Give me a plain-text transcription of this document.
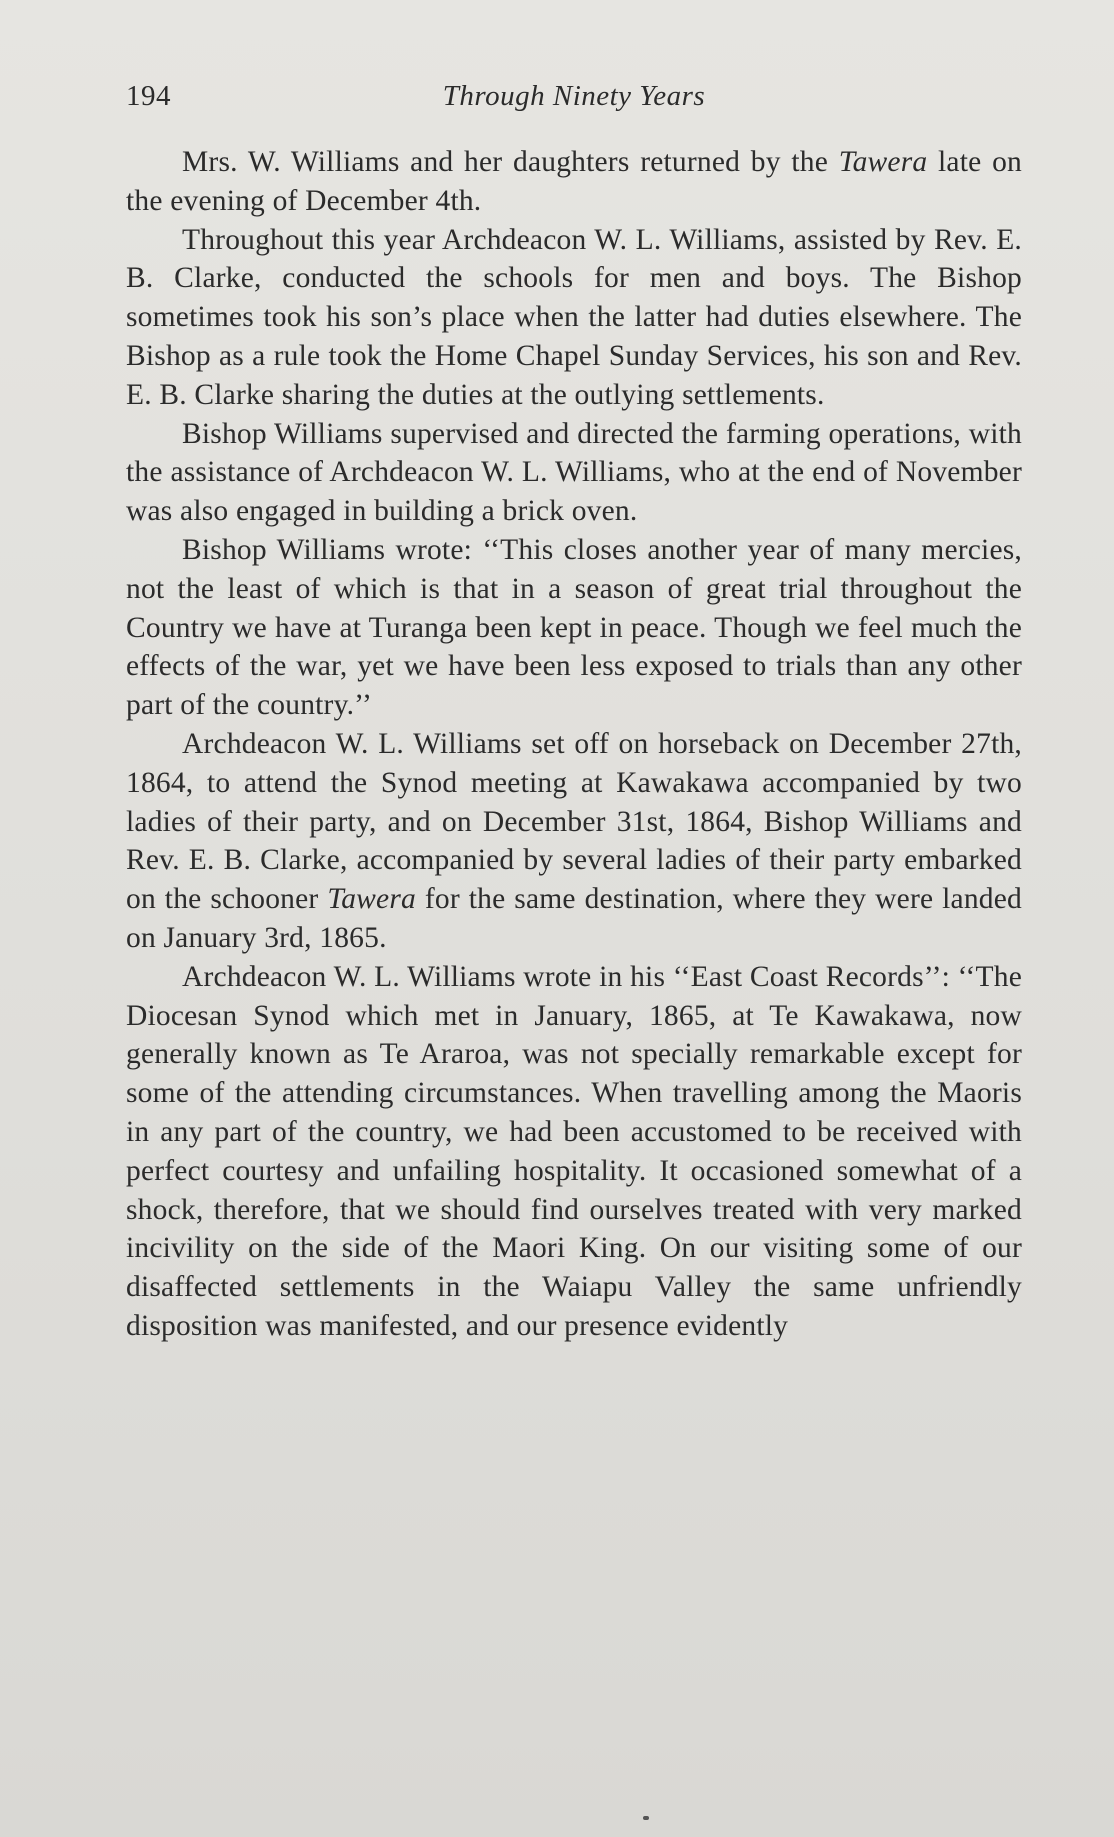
194	Through Ninety Years

Mrs. W. Williams and her daughters returned by the Tawera late on the evening of December 4th.

Throughout this year Archdeacon W. L. Williams, assisted by Rev. E. B. Clarke, conducted the schools for men and boys. The Bishop sometimes took his son’s place when the latter had duties elsewhere. The Bishop as a rule took the Home Chapel Sunday Services, his son and Rev. E. B. Clarke sharing the duties at the outlying settlements.

Bishop Williams supervised and directed the farming operations, with the assistance of Archdeacon W. L. Williams, who at the end of November was also engaged in building a brick oven.

Bishop Williams wrote: ‘‘This closes another year of many mercies, not the least of which is that in a season of great trial throughout the Country we have at Turanga been kept in peace. Though we feel much the effects of the war, yet we have been less exposed to trials than any other part of the country.’’

Archdeacon W. L. Williams set off on horseback on December 27th, 1864, to attend the Synod meeting at Kawakawa accompanied by two ladies of their party, and on December 31st, 1864, Bishop Williams and Rev. E. B. Clarke, accompanied by several ladies of their party embarked on the schooner Tawera for the same destination, where they were landed on January 3rd, 1865.

Archdeacon W. L. Williams wrote in his ‘‘East Coast Records’’: ‘‘The Diocesan Synod which met in January, 1865, at Te Kawakawa, now generally known as Te Araroa, was not specially remarkable except for some of the attending circumstances. When travelling among the Maoris in any part of the country, we had been accustomed to be received with perfect courtesy and unfailing hospitality. It occasioned somewhat of a shock, therefore, that we should find ourselves treated with very marked incivility on the side of the Maori King. On our visiting some of our disaffected settlements in the Waiapu Valley the same unfriendly disposition was manifested, and our presence evidently
